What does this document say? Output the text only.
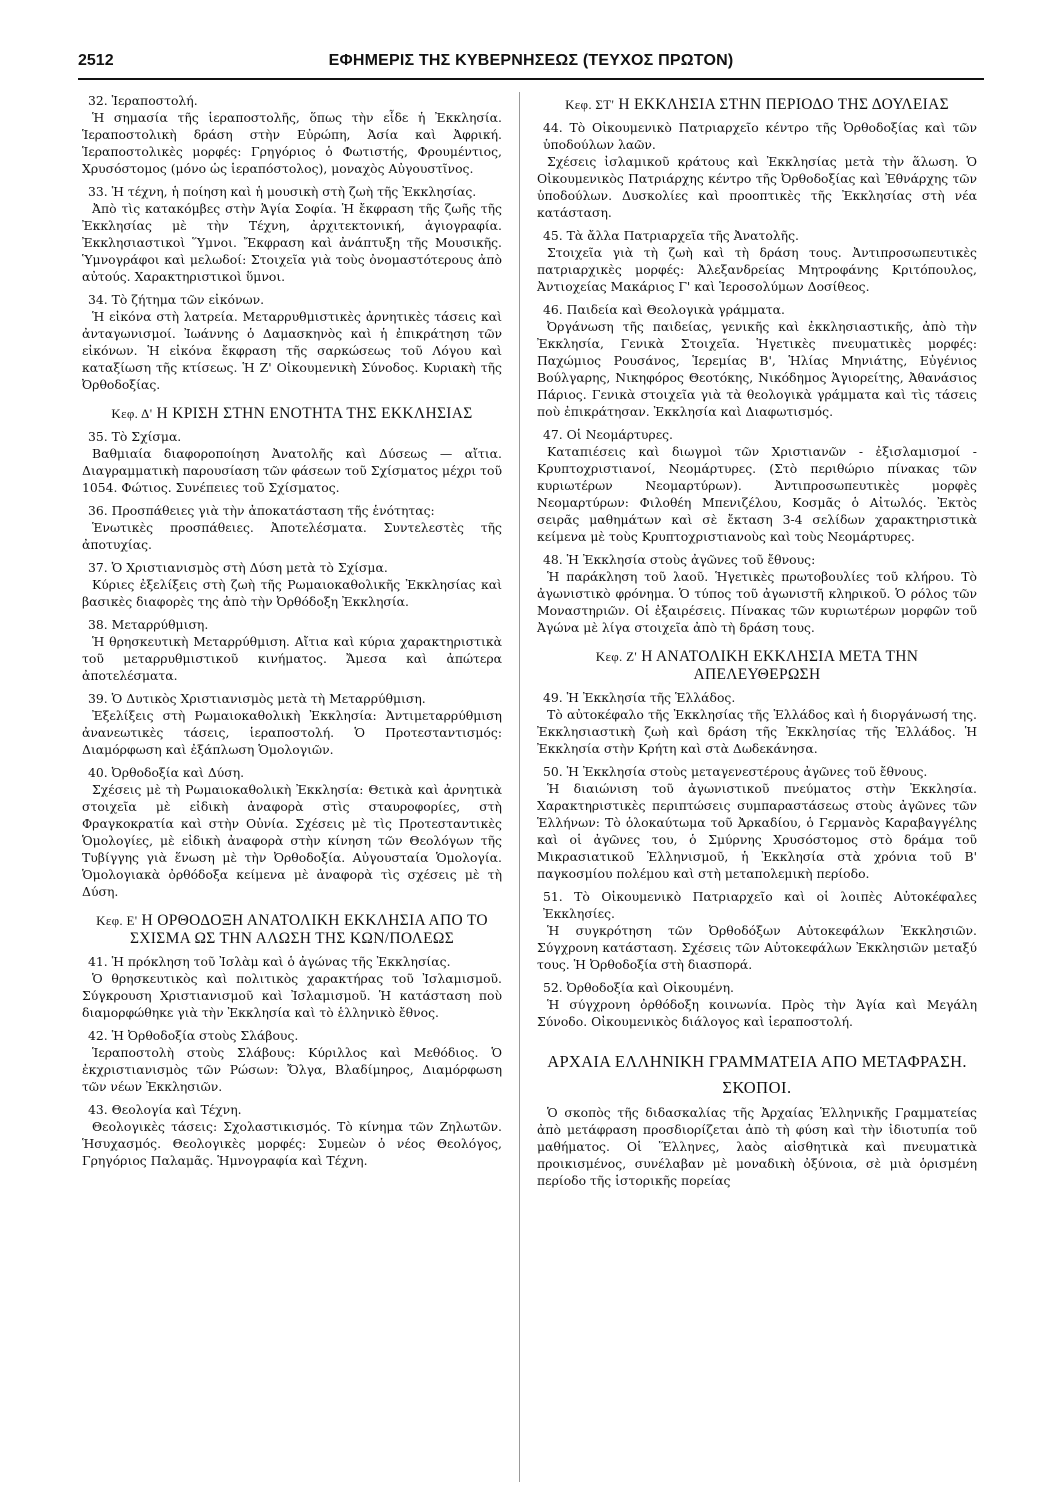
2512	ΕΦΗΜΕΡΙΣ ΤΗΣ ΚΥΒΕΡΝΗΣΕΩΣ (ΤΕΥΧΟΣ ΠΡΩΤΟΝ)

32. Ἱεραποστολή.

Ἡ σημασία τῆς ἱεραποστολῆς, ὅπως τὴν εἶδε ἡ Ἐκκλησία. Ἱεραποστολικὴ δράση στὴν Εὐρώπη, Ἀσία καὶ Ἀφρική. Ἱεραποστολικὲς μορφές: Γρηγόριος ὁ Φωτιστής, Φρουμέντιος, Χρυσόστομος (μόνο ὡς ἱεραπόστολος), μοναχὸς Αὐγουστῖνος.

33. Ἡ τέχνη, ἡ ποίηση καὶ ἡ μουσικὴ στὴ ζωὴ τῆς Ἐκκλησίας.

Ἀπὸ τὶς κατακόμβες στὴν Ἁγία Σοφία. Ἡ ἔκφραση τῆς ζωῆς τῆς Ἐκκλησίας μὲ τὴν Τέχνη, ἀρχιτεκτονική, ἁγιογραφία. Ἐκκλησιαστικοὶ Ὕμνοι. Ἔκφραση καὶ ἀνάπτυξη τῆς Μουσικῆς. Ὑμνογράφοι καὶ μελωδοί: Στοιχεῖα γιὰ τοὺς ὀνομαστότερους ἀπὸ αὐτούς. Χαρακτηριστικοὶ ὕμνοι.

34. Τὸ ζήτημα τῶν εἰκόνων.

Ἡ εἰκόνα στὴ λατρεία. Μεταρρυθμιστικὲς ἀρνητικὲς τάσεις καὶ ἀνταγωνισμοί. Ἰωάννης ὁ Δαμασκηνὸς καὶ ἡ ἐπικράτηση τῶν εἰκόνων. Ἡ εἰκόνα ἔκφραση τῆς σαρκώσεως τοῦ Λόγου καὶ καταξίωση τῆς κτίσεως. Ἡ Ζ' Οἰκουμενικὴ Σύνοδος. Κυριακὴ τῆς Ὀρθοδοξίας.

Κεφ. Δ' Η ΚΡΙΣΗ ΣΤΗΝ ΕΝΟΤΗΤΑ ΤΗΣ ΕΚΚΛΗΣΙΑΣ

35. Τὸ Σχίσμα.

Βαθμιαία διαφοροποίηση Ἀνατολῆς καὶ Δύσεως — αἴτια. Διαγραμματικὴ παρουσίαση τῶν φάσεων τοῦ Σχίσματος μέχρι τοῦ 1054. Φώτιος. Συνέπειες τοῦ Σχίσματος.

36. Προσπάθειες γιὰ τὴν ἀποκατάσταση τῆς ἑνότητας:

Ἑνωτικὲς προσπάθειες. Ἀποτελέσματα. Συντελεστὲς τῆς ἀποτυχίας.

37. Ὁ Χριστιανισμὸς στὴ Δύση μετὰ τὸ Σχίσμα.

Κύριες ἐξελίξεις στὴ ζωὴ τῆς Ρωμαιοκαθολικῆς Ἐκκλησίας καὶ βασικὲς διαφορὲς της ἀπὸ τὴν Ὀρθόδοξη Ἐκκλησία.

38. Μεταρρύθμιση.

Ἡ θρησκευτικὴ Μεταρρύθμιση. Αἴτια καὶ κύρια χαρακτηριστικὰ τοῦ μεταρρυθμιστικοῦ κινήματος. Ἄμεσα καὶ ἀπώτερα ἀποτελέσματα.

39. Ὁ Δυτικὸς Χριστιανισμὸς μετὰ τὴ Μεταρρύθμιση.

Ἐξελίξεις στὴ Ρωμαιοκαθολικὴ Ἐκκλησία: Ἀντιμεταρρύθμιση ἀνανεωτικὲς τάσεις, ἱεραποστολή. Ὁ Προτεσταντισμός: Διαμόρφωση καὶ ἐξάπλωση Ὁμολογιῶν.

40. Ὀρθοδοξία καὶ Δύση.

Σχέσεις μὲ τὴ Ρωμαιοκαθολικὴ Ἐκκλησία: Θετικὰ καὶ ἀρνητικὰ στοιχεῖα μὲ εἰδικὴ ἀναφορὰ στὶς σταυροφορίες, στὴ Φραγκοκρατία καὶ στὴν Οὐνία. Σχέσεις μὲ τὶς Προτεσταντικὲς Ὁμολογίες, μὲ εἰδικὴ ἀναφορὰ στὴν κίνηση τῶν Θεολόγων τῆς Τυβίγγης γιὰ ἕνωση μὲ τὴν Ὀρθοδοξία. Αὐγουσταία Ὁμολογία. Ὁμολογιακὰ ὀρθόδοξα κείμενα μὲ ἀναφορὰ τὶς σχέσεις μὲ τὴ Δύση.

Κεφ. Ε' Η ΟΡΘΟΔΟΞΗ ΑΝΑΤΟΛΙΚΗ ΕΚΚΛΗΣΙΑ ΑΠΟ ΤΟ ΣΧΙΣΜΑ ΩΣ ΤΗΝ ΑΛΩΣΗ ΤΗΣ ΚΩΝ/ΠΟΛΕΩΣ

41. Ἡ πρόκληση τοῦ Ἰσλὰμ καὶ ὁ ἀγώνας τῆς Ἐκκλησίας.

Ὁ θρησκευτικὸς καὶ πολιτικὸς χαρακτήρας τοῦ Ἰσλαμισμοῦ. Σύγκρουση Χριστιανισμοῦ καὶ Ἰσλαμισμοῦ. Ἡ κατάσταση ποὺ διαμορφώθηκε γιὰ τὴν Ἐκκλησία καὶ τὸ ἑλληνικὸ ἔθνος.

42. Ἡ Ὀρθοδοξία στοὺς Σλάβους.

Ἱεραποστολὴ στοὺς Σλάβους: Κύριλλος καὶ Μεθόδιος. Ὁ ἐκχριστιανισμὸς τῶν Ρώσων: Ὄλγα, Βλαδίμηρος, Διαμόρφωση τῶν νέων Ἐκκλησιῶν.

43. Θεολογία καὶ Τέχνη.

Θεολογικὲς τάσεις: Σχολαστικισμός. Τὸ κίνημα τῶν Ζηλωτῶν. Ἡσυχασμός. Θεολογικὲς μορφές: Συμεὼν ὁ νέος Θεολόγος, Γρηγόριος Παλαμᾶς. Ἡμνογραφία καὶ Τέχνη.

Κεφ. ΣΤ' Η ΕΚΚΛΗΣΙΑ ΣΤΗΝ ΠΕΡΙΟΔΟ ΤΗΣ ΔΟΥΛΕΙΑΣ

44. Τὸ Οἰκουμενικὸ Πατριαρχεῖο κέντρο τῆς Ὀρθοδοξίας καὶ τῶν ὑποδούλων λαῶν.

Σχέσεις ἰσλαμικοῦ κράτους καὶ Ἐκκλησίας μετὰ τὴν ἅλωση. Ὁ Οἰκουμενικὸς Πατριάρχης κέντρο τῆς Ὀρθοδοξίας καὶ Ἐθνάρχης τῶν ὑποδούλων. Δυσκολίες καὶ προοπτικὲς τῆς Ἐκκλησίας στὴ νέα κατάσταση.

45. Τὰ ἄλλα Πατριαρχεῖα τῆς Ἀνατολῆς.

Στοιχεῖα γιὰ τὴ ζωὴ καὶ τὴ δράση τους. Ἀντιπροσωπευτικὲς πατριαρχικὲς μορφές: Ἀλεξανδρείας Μητροφάνης Κριτόπουλος, Ἀντιοχείας Μακάριος Γ' καὶ Ἱεροσολύμων Δοσίθεος.

46. Παιδεία καὶ Θεολογικὰ γράμματα.

Ὀργάνωση τῆς παιδείας, γενικῆς καὶ ἐκκλησιαστικῆς, ἀπὸ τὴν Ἐκκλησία, Γενικὰ Στοιχεῖα. Ἡγετικὲς πνευματικὲς μορφές: Παχώμιος Ρουσάνος, Ἱερεμίας Β', Ἡλίας Μηνιάτης, Εὐγένιος Βούλγαρης, Νικηφόρος Θεοτόκης, Νικόδημος Ἁγιορείτης, Ἀθανάσιος Πάριος. Γενικὰ στοιχεῖα γιὰ τὰ θεολογικὰ γράμματα καὶ τὶς τάσεις ποὺ ἐπικράτησαν. Ἐκκλησία καὶ Διαφωτισμός.

47. Οἱ Νεομάρτυρες.

Καταπιέσεις καὶ διωγμοὶ τῶν Χριστιανῶν - ἐξισλαμισμοί - Κρυπτοχριστιανοί, Νεομάρτυρες. (Στὸ περιθώριο πίνακας τῶν κυριωτέρων Νεομαρτύρων). Ἀντιπροσωπευτικὲς μορφὲς Νεομαρτύρων: Φιλοθέη Μπενιζέλου, Κοσμᾶς ὁ Αἰτωλός. Ἐκτὸς σειρᾶς μαθημάτων καὶ σὲ ἔκταση 3-4 σελίδων χαρακτηριστικὰ κείμενα μὲ τοὺς Κρυπτοχριστιανοὺς καὶ τοὺς Νεομάρτυρες.

48. Ἡ Ἐκκλησία στοὺς ἀγῶνες τοῦ ἔθνους:

Ἡ παράκληση τοῦ λαοῦ. Ἡγετικὲς πρωτοβουλίες τοῦ κλήρου. Τὸ ἀγωνιστικὸ φρόνημα. Ὁ τύπος τοῦ ἀγωνιστῆ κληρικοῦ. Ὁ ρόλος τῶν Μοναστηριῶν. Οἱ ἐξαιρέσεις. Πίνακας τῶν κυριωτέρων μορφῶν τοῦ Ἀγώνα μὲ λίγα στοιχεῖα ἀπὸ τὴ δράση τους.

Κεφ. Ζ' Η ΑΝΑΤΟΛΙΚΗ ΕΚΚΛΗΣΙΑ ΜΕΤΑ ΤΗΝ ΑΠΕΛΕΥΘΕΡΩΣΗ

49. Ἡ Ἐκκλησία τῆς Ἑλλάδος.

Τὸ αὐτοκέφαλο τῆς Ἐκκλησίας τῆς Ἑλλάδος καὶ ἡ διοργάνωσή της. Ἐκκλησιαστικὴ ζωὴ καὶ δράση τῆς Ἐκκλησίας τῆς Ἑλλάδος. Ἡ Ἐκκλησία στὴν Κρήτη καὶ στὰ Δωδεκάνησα.

50. Ἡ Ἐκκλησία στοὺς μεταγενεστέρους ἀγῶνες τοῦ ἔθνους.

Ἡ διαιώνιση τοῦ ἀγωνιστικοῦ πνεύματος στὴν Ἐκκλησία. Χαρακτηριστικὲς περιπτώσεις συμπαραστάσεως στοὺς ἀγῶνες τῶν Ἑλλήνων: Τὸ ὁλοκαύτωμα τοῦ Ἀρκαδίου, ὁ Γερμανὸς Καραβαγγέλης καὶ οἱ ἀγῶνες του, ὁ Σμύρνης Χρυσόστομος στὸ δράμα τοῦ Μικρασιατικοῦ Ἑλληνισμοῦ, ἡ Ἐκκλησία στὰ χρόνια τοῦ Β' παγκοσμίου πολέμου καὶ στὴ μεταπολεμικὴ περίοδο.

51. Τὸ Οἰκουμενικὸ Πατριαρχεῖο καὶ οἱ λοιπὲς Αὐτοκέφαλες Ἐκκλησίες.

Ἡ συγκρότηση τῶν Ὀρθοδόξων Αὐτοκεφάλων Ἐκκλησιῶν. Σύγχρονη κατάσταση. Σχέσεις τῶν Αὐτοκεφάλων Ἐκκλησιῶν μεταξύ τους. Ἡ Ὀρθοδοξία στὴ διασπορά.

52. Ὀρθοδοξία καὶ Οἰκουμένη.

Ἡ σύγχρονη ὀρθόδοξη κοινωνία. Πρὸς τὴν Ἁγία καὶ Μεγάλη Σύνοδο. Οἰκουμενικὸς διάλογος καὶ ἱεραποστολή.

ΑΡΧΑΙΑ ΕΛΛΗΝΙΚΗ ΓΡΑΜΜΑΤΕΙΑ ΑΠΟ ΜΕΤΑΦΡΑΣΗ.
ΣΚΟΠΟΙ.

Ὁ σκοπὸς τῆς διδασκαλίας τῆς Ἀρχαίας Ἑλληνικῆς Γραμματείας ἀπὸ μετάφραση προσδιορίζεται ἀπὸ τὴ φύση καὶ τὴν ἰδιοτυπία τοῦ μαθήματος. Οἱ Ἕλληνες, λαὸς αἰσθητικὰ καὶ πνευματικὰ προικισμένος, συνέλαβαν μὲ μοναδικὴ ὀξύνοια, σὲ μιὰ ὁρισμένη περίοδο τῆς ἱστορικῆς πορείας
